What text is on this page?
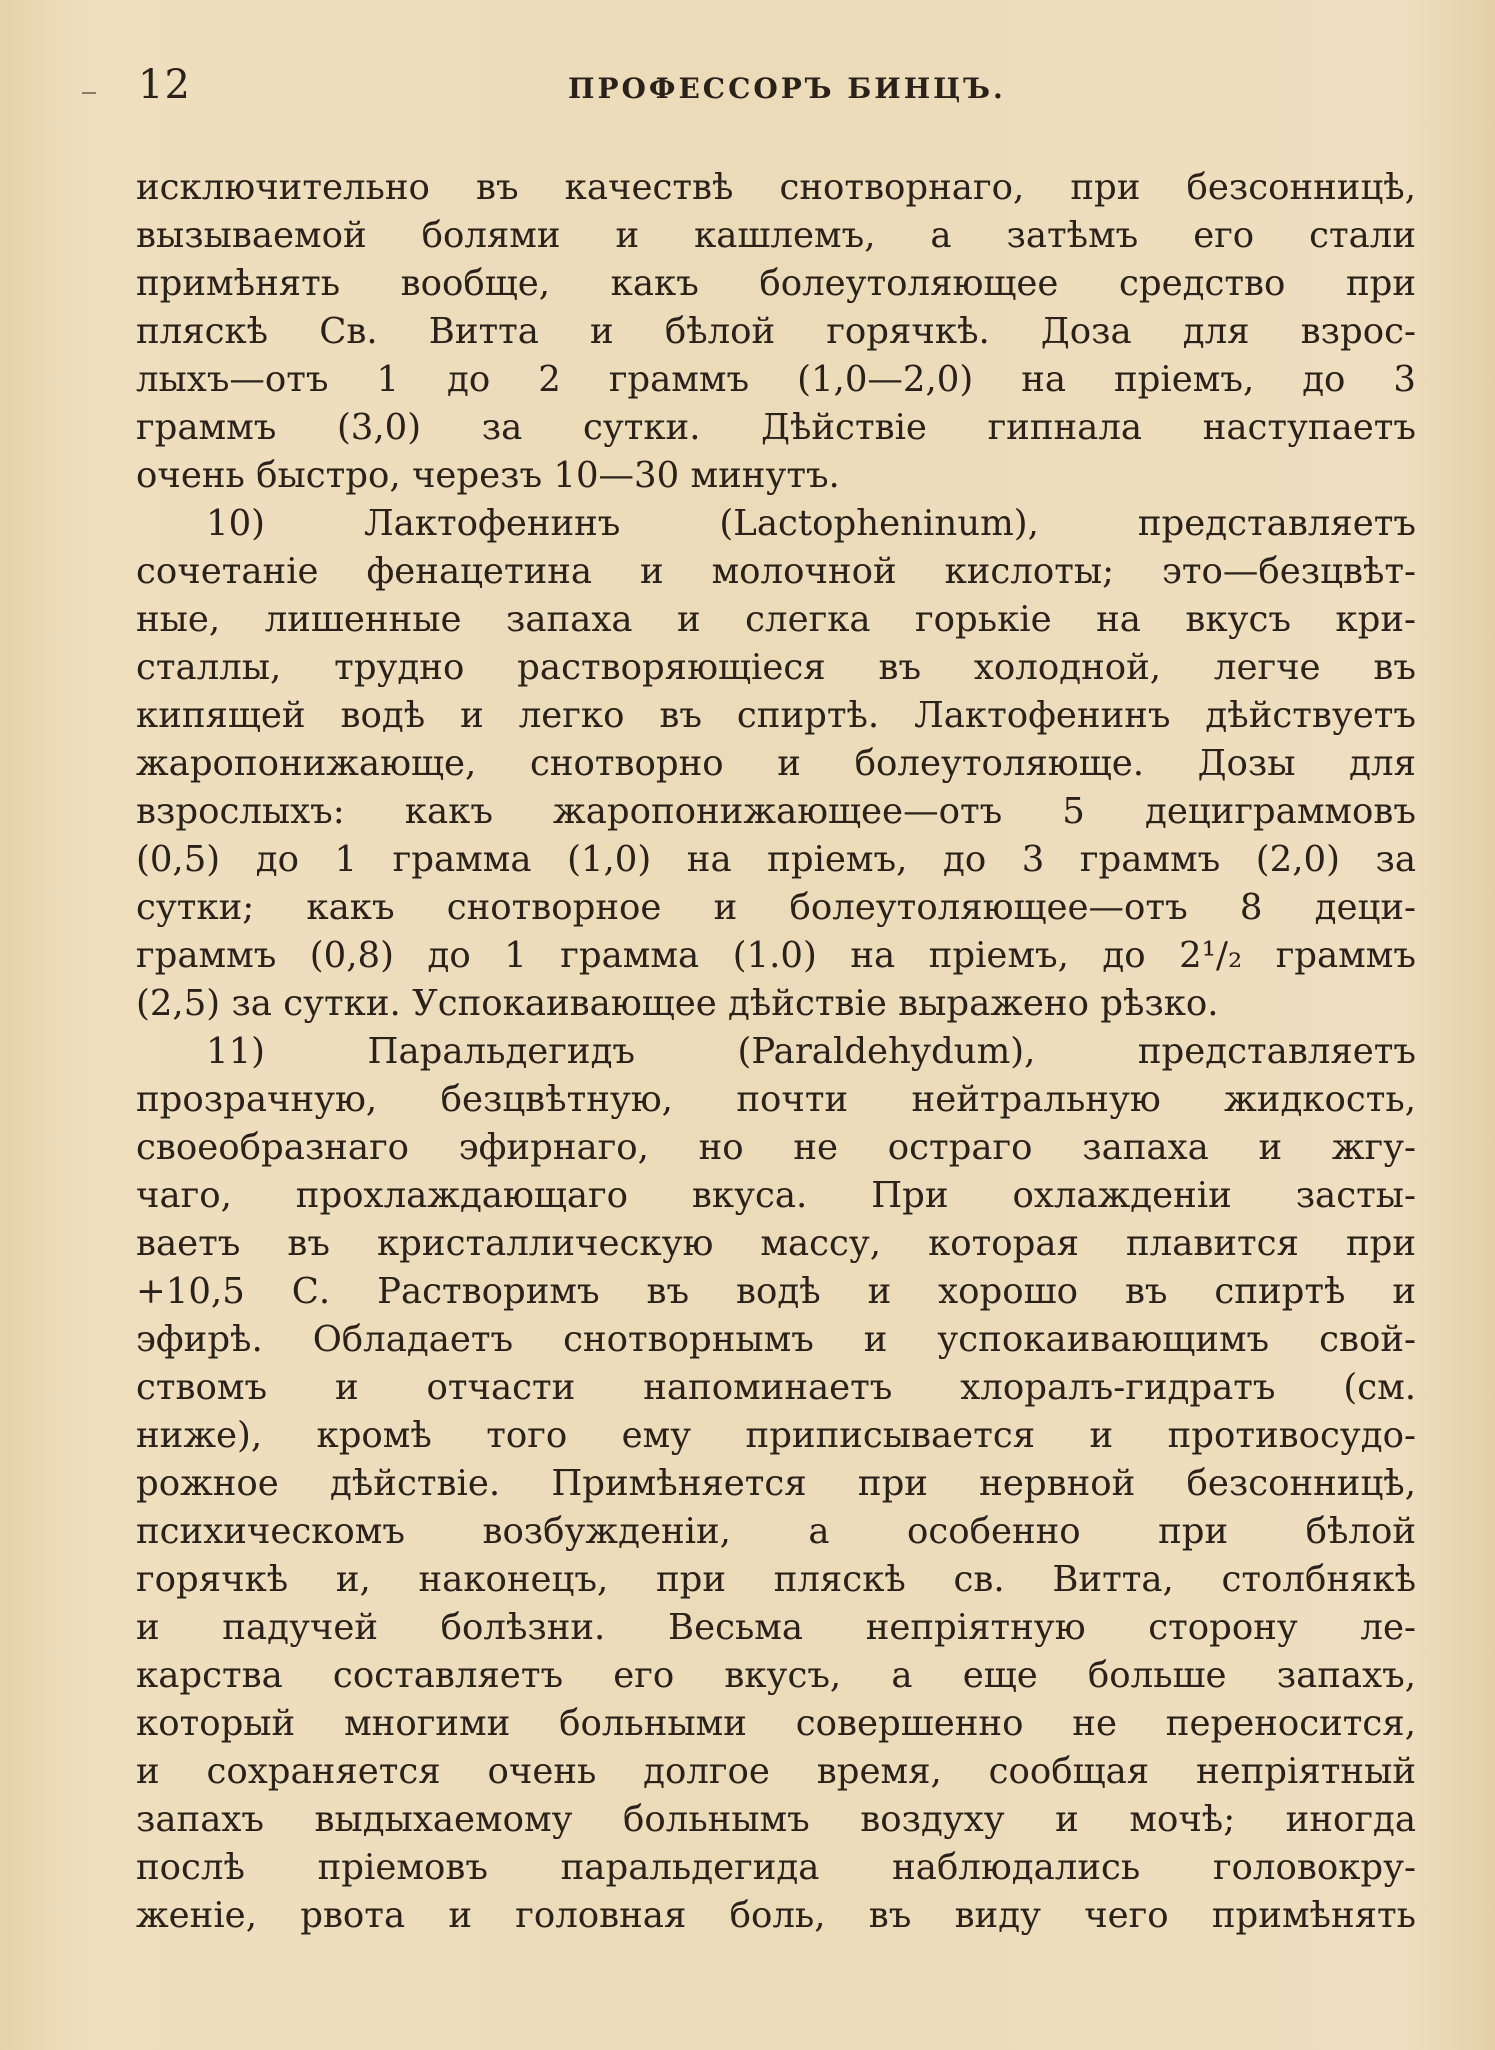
12	ПРОФЕССОРЪ БИНЦЪ.
исключительно въ качествѣ снотворнаго, при безсонницѣ,
вызываемой болями и кашлемъ, а затѣмъ его стали
примѣнять вообще, какъ болеутоляющее средство при
пляскѣ Св. Витта и бѣлой горячкѣ. Доза для взрос-
лыхъ—отъ 1 до 2 граммъ (1,0—2,0) на пріемъ, до 3
граммъ (3,0) за сутки. Дѣйствіе гипнала наступаетъ
очень быстро, черезъ 10—30 минутъ.
10) Лактофенинъ (Lactopheninum), представляетъ
сочетаніе фенацетина и молочной кислоты; это—безцвѣт-
ные, лишенные запаха и слегка горькіе на вкусъ кри-
сталлы, трудно растворяющіеся въ холодной, легче въ
кипящей водѣ и легко въ спиртѣ. Лактофенинъ дѣйствуетъ
жаропонижающе, снотворно и болеутоляюще. Дозы для
взрослыхъ: какъ жаропонижающее—отъ 5 дециграммовъ
(0,5) до 1 грамма (1,0) на пріемъ, до 3 граммъ (2,0) за
сутки; какъ снотворное и болеутоляющее—отъ 8 деци-
граммъ (0,8) до 1 грамма (1.0) на пріемъ, до 2¹/₂ граммъ
(2,5) за сутки. Успокаивающее дѣйствіе выражено рѣзко.
11) Паральдегидъ (Paraldehydum), представляетъ
прозрачную, безцвѣтную, почти нейтральную жидкость,
своеобразнаго эфирнаго, но не остраго запаха и жгу-
чаго, прохлаждающаго вкуса. При охлажденіи засты-
ваетъ въ кристаллическую массу, которая плавится при
+10,5 С. Растворимъ въ водѣ и хорошо въ спиртѣ и
эфирѣ. Обладаетъ снотворнымъ и успокаивающимъ свой-
ствомъ и отчасти напоминаетъ хлоралъ-гидратъ (см.
ниже), кромѣ того ему приписывается и противосудо-
рожное дѣйствіе. Примѣняется при нервной безсонницѣ,
психическомъ возбужденіи, а особенно при бѣлой
горячкѣ и, наконецъ, при пляскѣ св. Витта, столбнякѣ
и падучей болѣзни. Весьма непріятную сторону ле-
карства составляетъ его вкусъ, а еще больше запахъ,
который многими больными совершенно не переносится,
и сохраняется очень долгое время, сообщая непріятный
запахъ выдыхаемому больнымъ воздуху и мочѣ; иногда
послѣ пріемовъ паральдегида наблюдались головокру-
женіе, рвота и головная боль, въ виду чего примѣнять
